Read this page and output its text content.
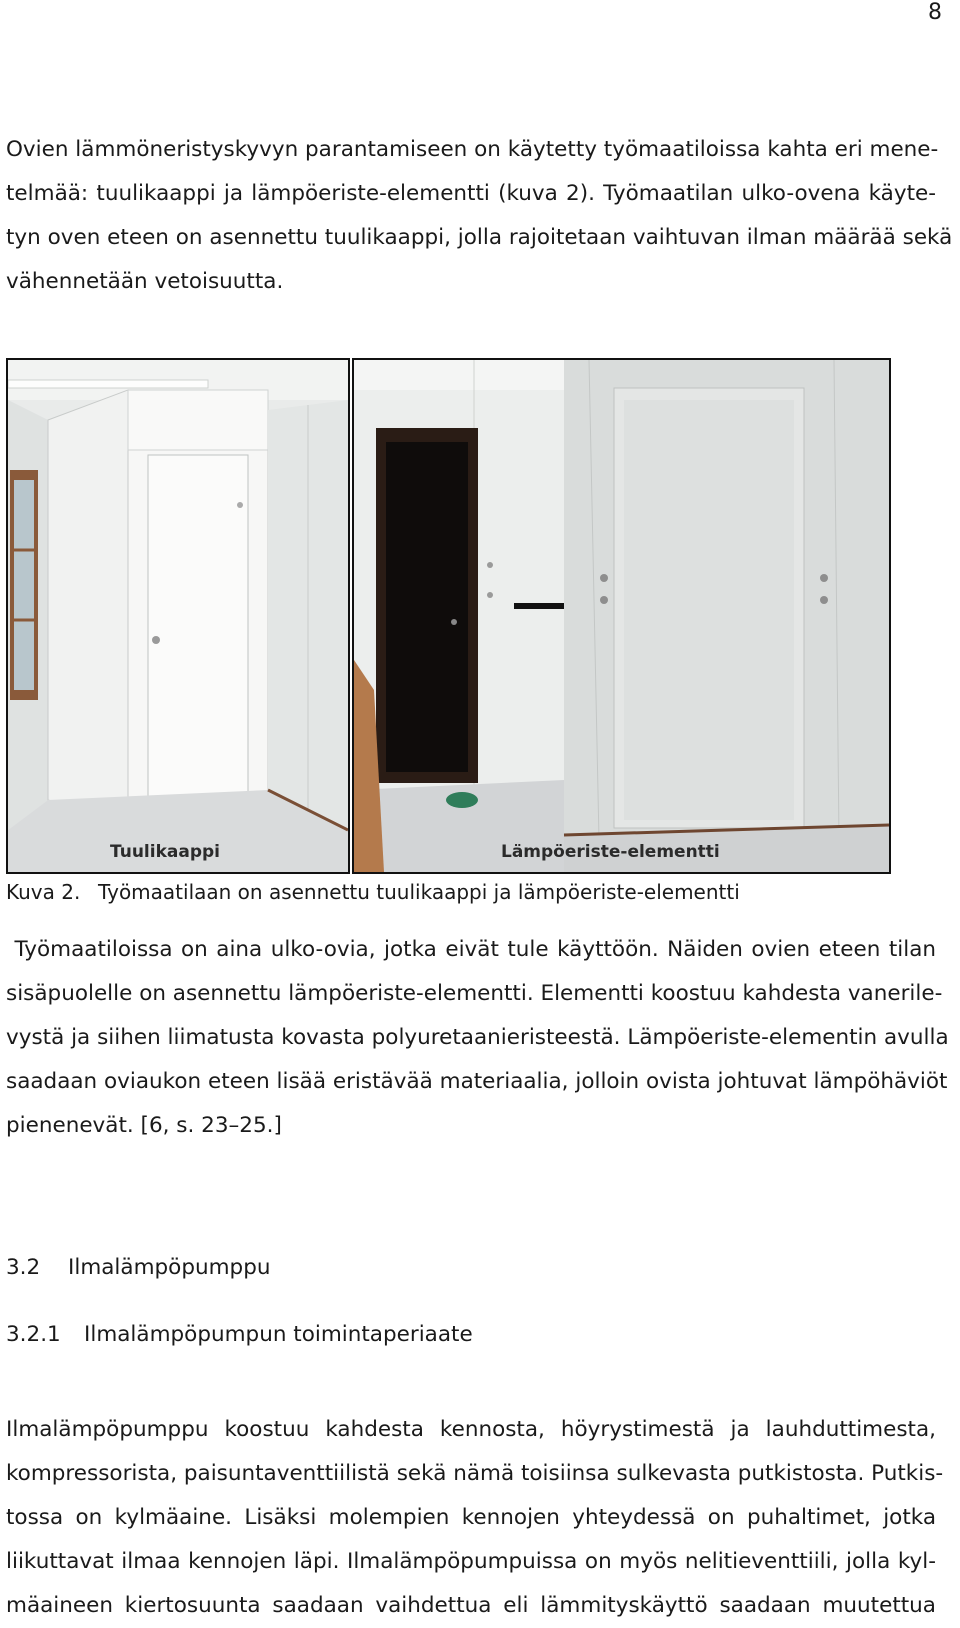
8
Ovien lämmöneristyskyvyn parantamiseen on käytetty työmaatiloissa kahta eri mene-
telmää: tuulikaappi ja lämpöeriste-elementti (kuva 2). Työmaatilan ulko-ovena käyte-
tyn oven eteen on asennettu tuulikaappi, jolla rajoitetaan vaihtuvan ilman määrää sekä
vähennetään vetoisuutta.
Tuulikaappi	Lämpöeriste-elementti
Kuva 2. Työmaatilaan on asennettu tuulikaappi ja lämpöeriste-elementti
Työmaatiloissa on aina ulko-ovia, jotka eivät tule käyttöön. Näiden ovien eteen tilan
sisäpuolelle on asennettu lämpöeriste-elementti. Elementti koostuu kahdesta vanerile-
vystä ja siihen liimatusta kovasta polyuretaanieristeestä. Lämpöeriste-elementin avulla
saadaan oviaukon eteen lisää eristävää materiaalia, jolloin ovista johtuvat lämpöhäviöt
pienenevät. [6, s. 23–25.]
3.2 Ilmalämpöpumppu
3.2.1 Ilmalämpöpumpun toimintaperiaate
Ilmalämpöpumppu koostuu kahdesta kennosta, höyrystimestä ja lauhduttimesta,
kompressorista, paisuntaventtiilistä sekä nämä toisiinsa sulkevasta putkistosta. Putkis-
tossa on kylmäaine. Lisäksi molempien kennojen yhteydessä on puhaltimet, jotka
liikuttavat ilmaa kennojen läpi. Ilmalämpöpumpuissa on myös nelitieventtiili, jolla kyl-
mäaineen kiertosuunta saadaan vaihdettua eli lämmityskäyttö saadaan muutettua
